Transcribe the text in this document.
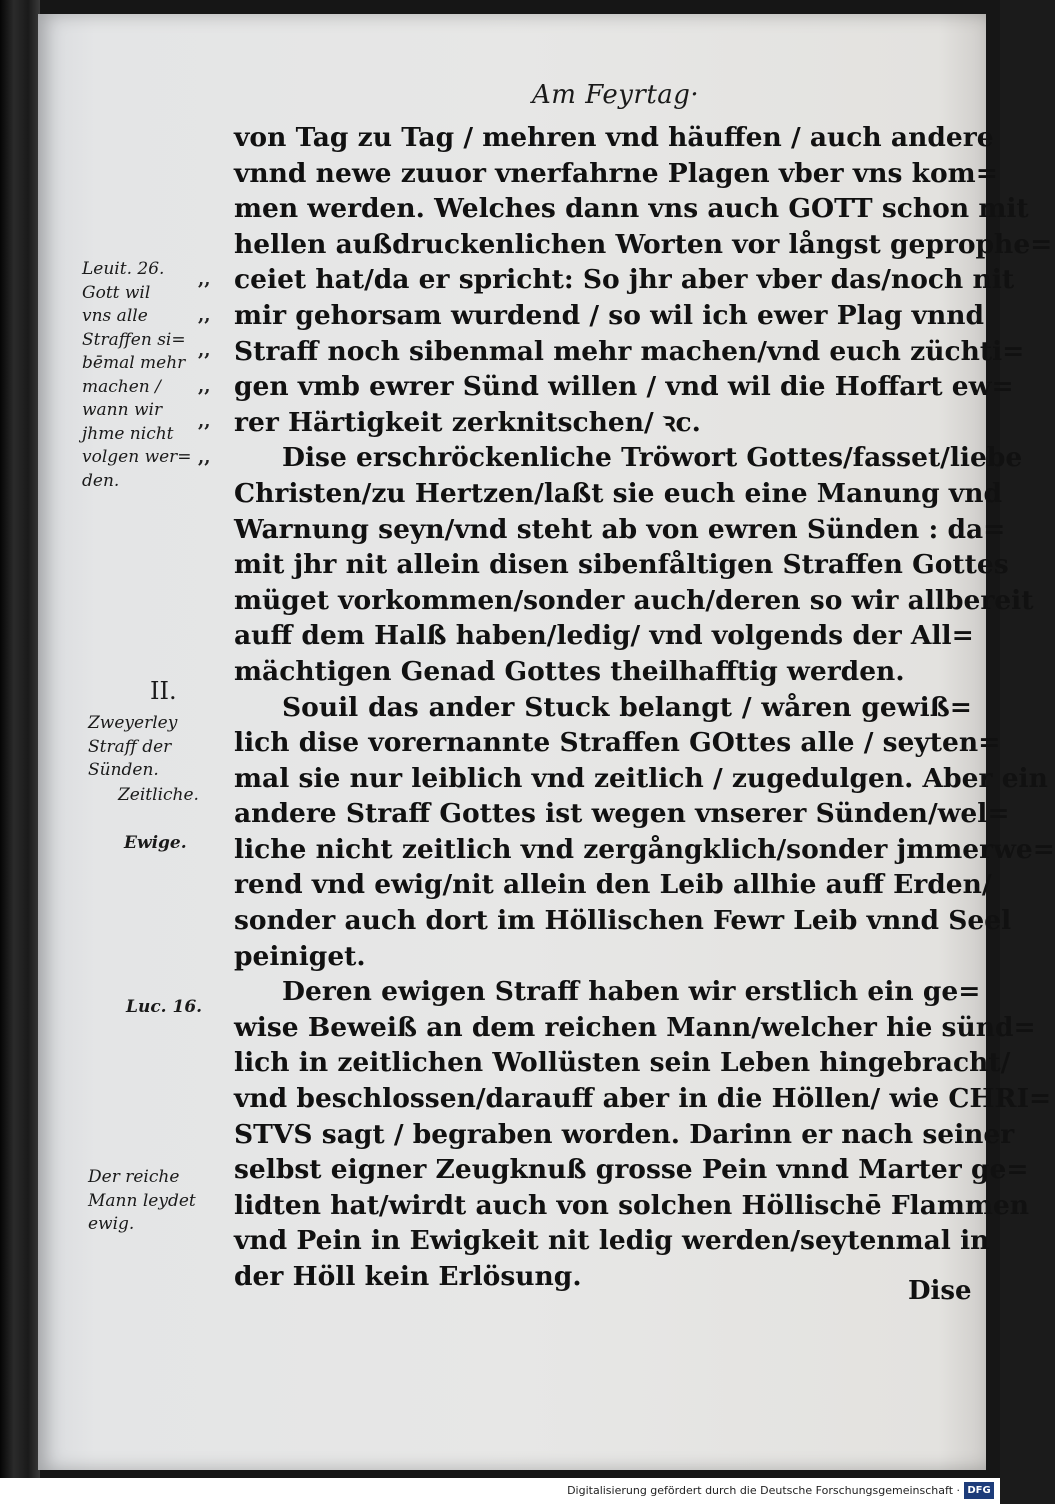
Am Feyrtag·
,,
,,
,,
,,
,,
,,
Leuit. 26.
Gott wil
vns alle
Straffen si=
bēmal mehr
machen /
wann wir
jhme nicht
volgen wer=
den.
II.
Zweyerley
Straff der
Sünden.
Zeitliche.
Ewige.
Luc. 16.
Der reiche
Mann leydet
ewig.
von Tag zu Tag / mehren vnd häuffen / auch andere
vnnd newe zuuor vnerfahrne Plagen vber vns kom=
men werden. Welches dann vns auch GOTT schon mit
hellen außdruckenlichen Worten vor långst geprophe=
ceiet hat/da er spricht: So jhr aber vber das/noch nit
mir gehorsam wurdend / so wil ich ewer Plag vnnd
Straff noch sibenmal mehr machen/vnd euch züchti=
gen vmb ewrer Sünd willen / vnd wil die Hoffart ew=
rer Härtigkeit zerknitschen/ ꝛc.
Dise erschröckenliche Tröwort Gottes/fasset/liebe
Christen/zu Hertzen/laßt sie euch eine Manung vnd
Warnung seyn/vnd steht ab von ewren Sünden : da=
mit jhr nit allein disen sibenfåltigen Straffen Gottes
müget vorkommen/sonder auch/deren so wir allbereit
auff dem Halß haben/ledig/ vnd volgends der All=
mächtigen Genad Gottes theilhafftig werden.
Souil das ander Stuck belangt / wåren gewiß=
lich dise vorernannte Straffen GOttes alle / seyten=
mal sie nur leiblich vnd zeitlich / zugedulgen. Aber ein
andere Straff Gottes ist wegen vnserer Sünden/wel=
liche nicht zeitlich vnd zergångklich/sonder jmmerwe=
rend vnd ewig/nit allein den Leib allhie auff Erden/
sonder auch dort im Höllischen Fewr Leib vnnd Seel
peiniget.
Deren ewigen Straff haben wir erstlich ein ge=
wise Beweiß an dem reichen Mann/welcher hie sünd=
lich in zeitlichen Wollüsten sein Leben hingebracht/
vnd beschlossen/darauff aber in die Höllen/ wie CHRI=
STVS sagt / begraben worden. Darinn er nach seiner
selbst eigner Zeugknuß grosse Pein vnnd Marter ge=
lidten hat/wirdt auch von solchen Höllischē Flammen
vnd Pein in Ewigkeit nit ledig werden/seytenmal in
der Höll kein Erlösung.	Dise
Digitalisierung gefördert durch die Deutsche Forschungsgemeinschaft · DFG
